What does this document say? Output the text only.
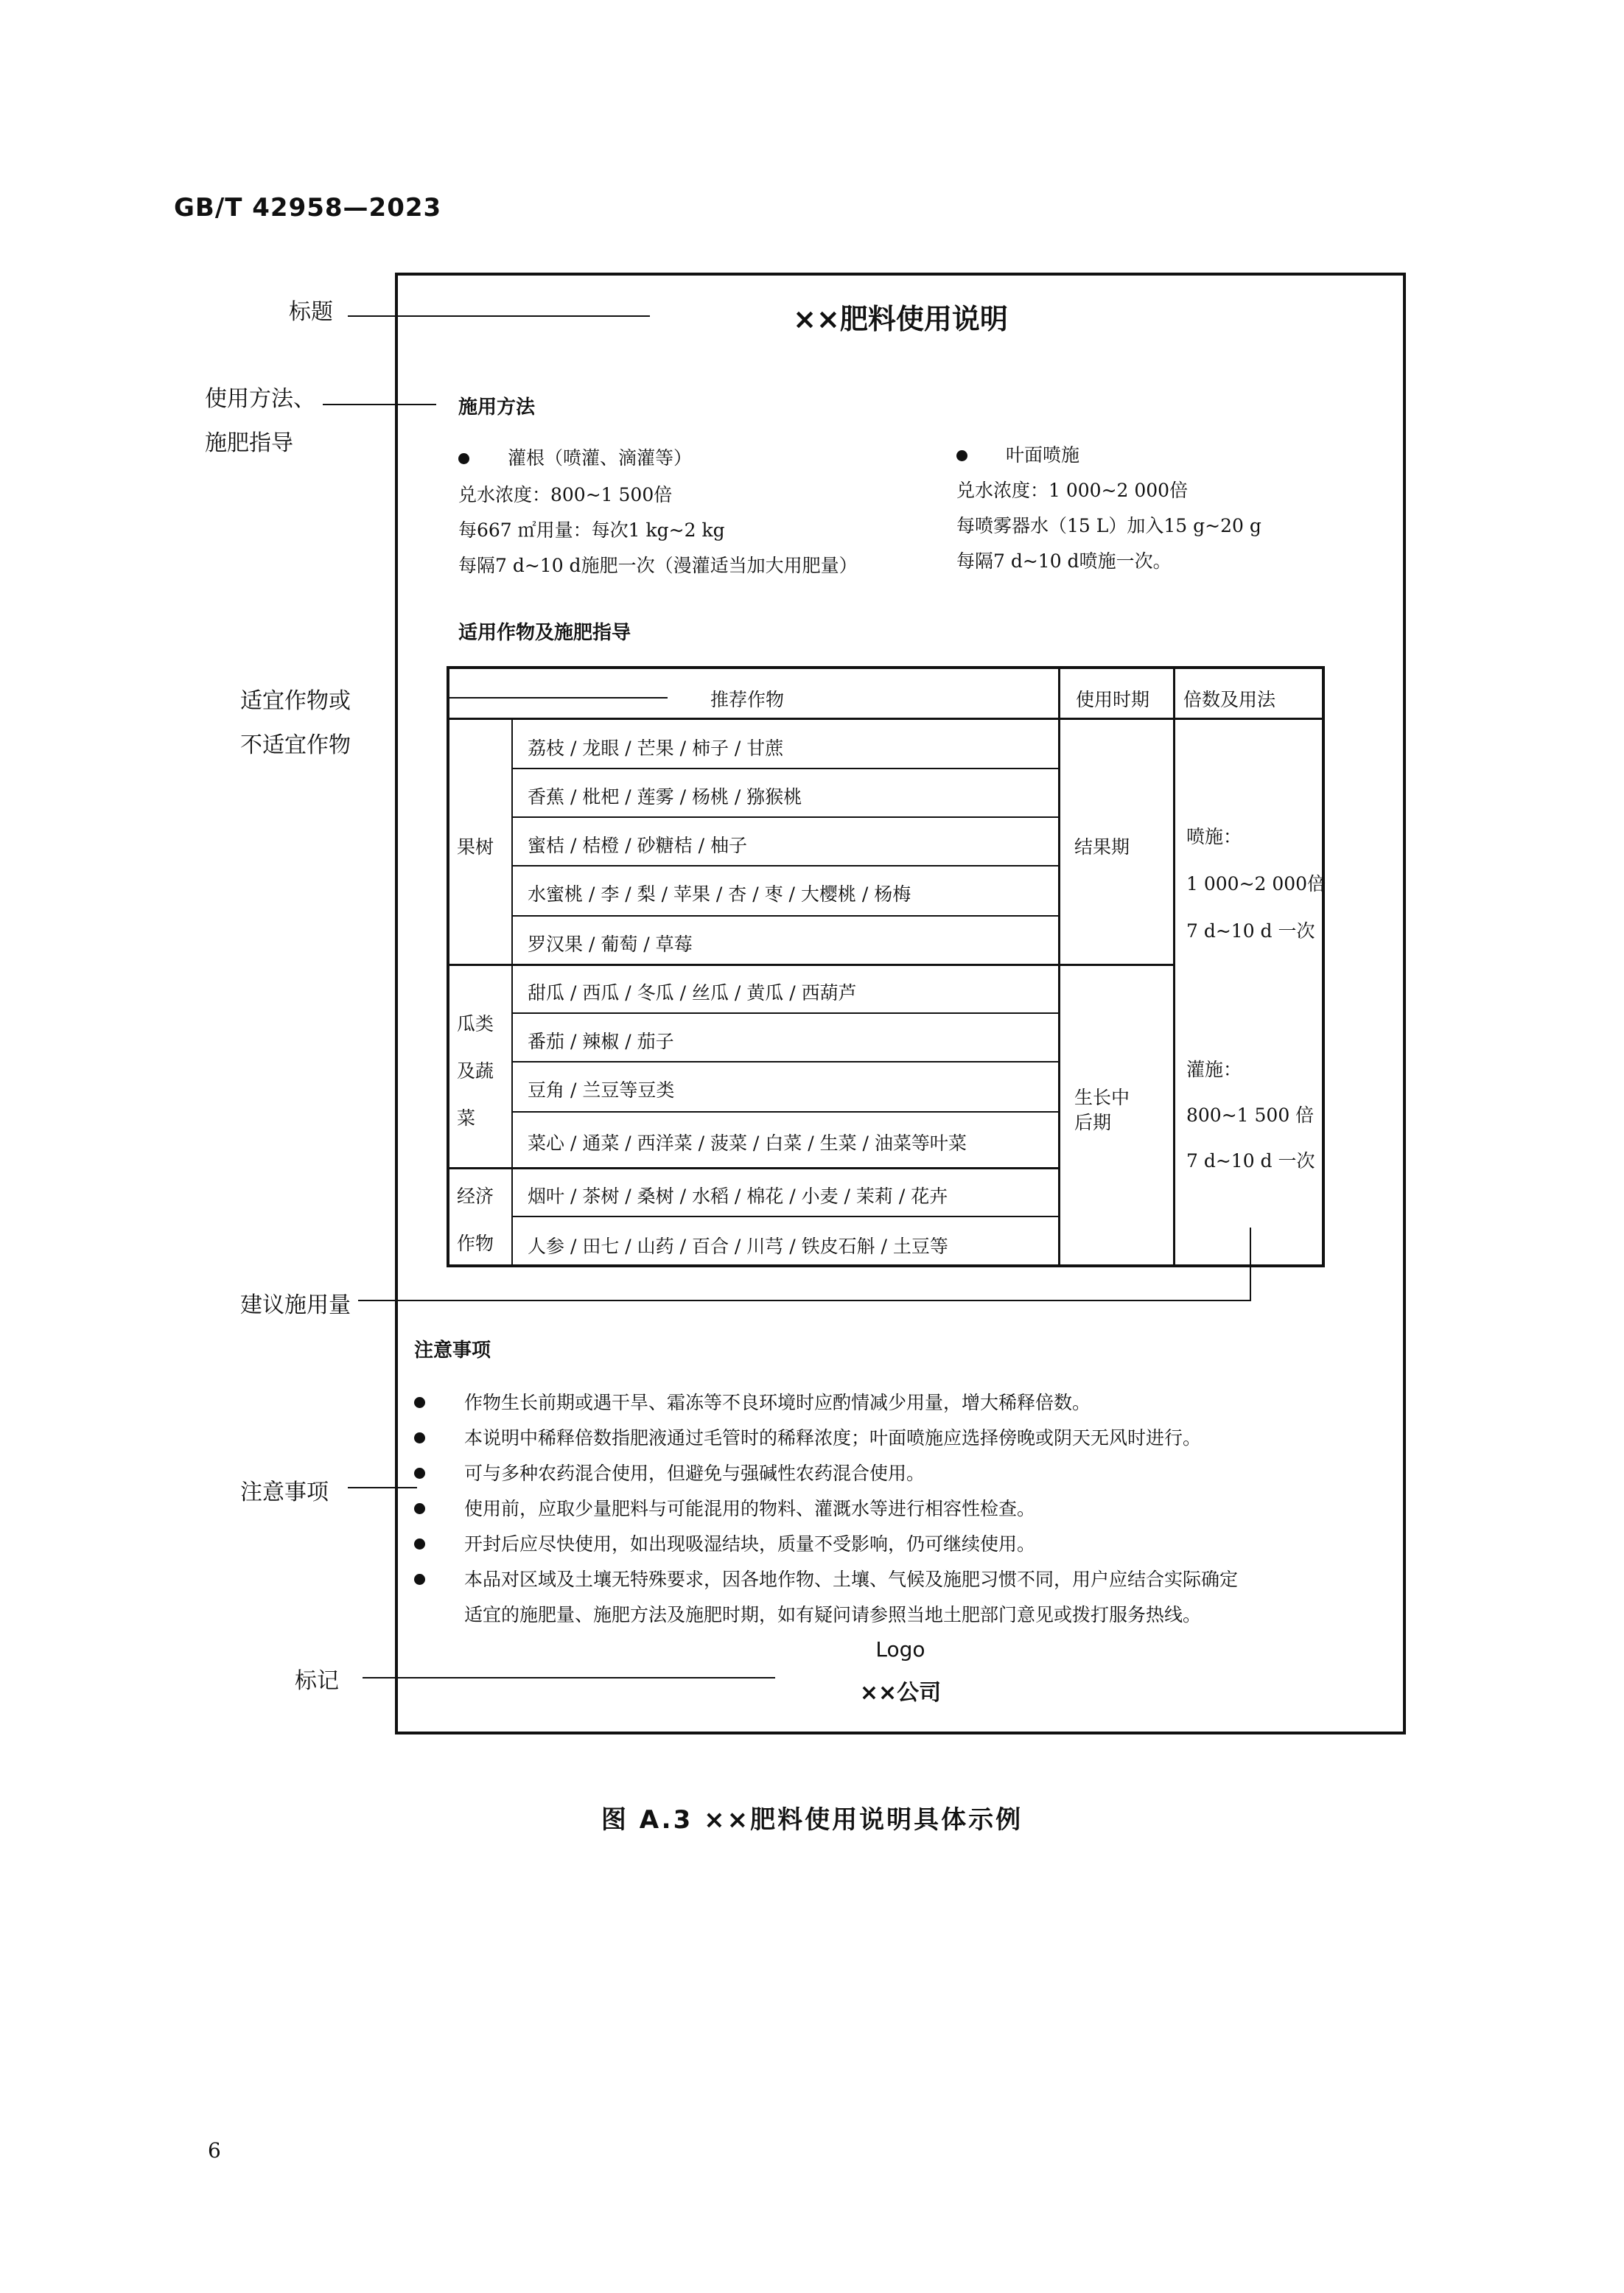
GB/T 42958—2023
××肥料使用说明
标题
使用方法、
施肥指导
适宜作物或
不适宜作物
建议施用量
注意事项
标记
施用方法
灌根（喷灌、滴灌等）
兑水浓度：800~1 500倍
每667 ㎡用量：每次1 kg~2 kg
每隔7 d~10 d施肥一次（漫灌适当加大用肥量）
叶面喷施
兑水浓度：1 000~2 000倍
每喷雾器水（15 L）加入15 g~20 g
每隔7 d~10 d喷施一次。
适用作物及施肥指导
推荐作物	使用时期 倍数及用法
果树
瓜类
及蔬
菜
经济
作物
荔枝 / 龙眼 / 芒果 / 柿子 / 甘蔗
香蕉 / 枇杷 / 莲雾 / 杨桃 / 猕猴桃
蜜桔 / 桔橙 / 砂糖桔 / 柚子
水蜜桃 / 李 / 梨 / 苹果 / 杏 / 枣 / 大樱桃 / 杨梅
罗汉果 / 葡萄 / 草莓
甜瓜 / 西瓜 / 冬瓜 / 丝瓜 / 黄瓜 / 西葫芦
番茄 / 辣椒 / 茄子
豆角 / 兰豆等豆类
菜心 / 通菜 / 西洋菜 / 菠菜 / 白菜 / 生菜 / 油菜等叶菜
烟叶 / 茶树 / 桑树 / 水稻 / 棉花 / 小麦 / 茉莉 / 花卉
人参 / 田七 / 山药 / 百合 / 川芎 / 铁皮石斛 / 土豆等
结果期
生长中
后期
喷施：
1 000~2 000倍
7 d~10 d 一次
灌施：
800~1 500 倍
7 d~10 d 一次
注意事项
作物生长前期或遇干旱、霜冻等不良环境时应酌情减少用量，增大稀释倍数。
本说明中稀释倍数指肥液通过毛管时的稀释浓度；叶面喷施应选择傍晚或阴天无风时进行。
可与多种农药混合使用，但避免与强碱性农药混合使用。
使用前，应取少量肥料与可能混用的物料、灌溉水等进行相容性检查。
开封后应尽快使用，如出现吸湿结块，质量不受影响，仍可继续使用。
本品对区域及土壤无特殊要求，因各地作物、土壤、气候及施肥习惯不同，用户应结合实际确定
适宜的施肥量、施肥方法及施肥时期，如有疑问请参照当地土肥部门意见或拨打服务热线。
Logo
××公司
图 A.3 ××肥料使用说明具体示例
6
